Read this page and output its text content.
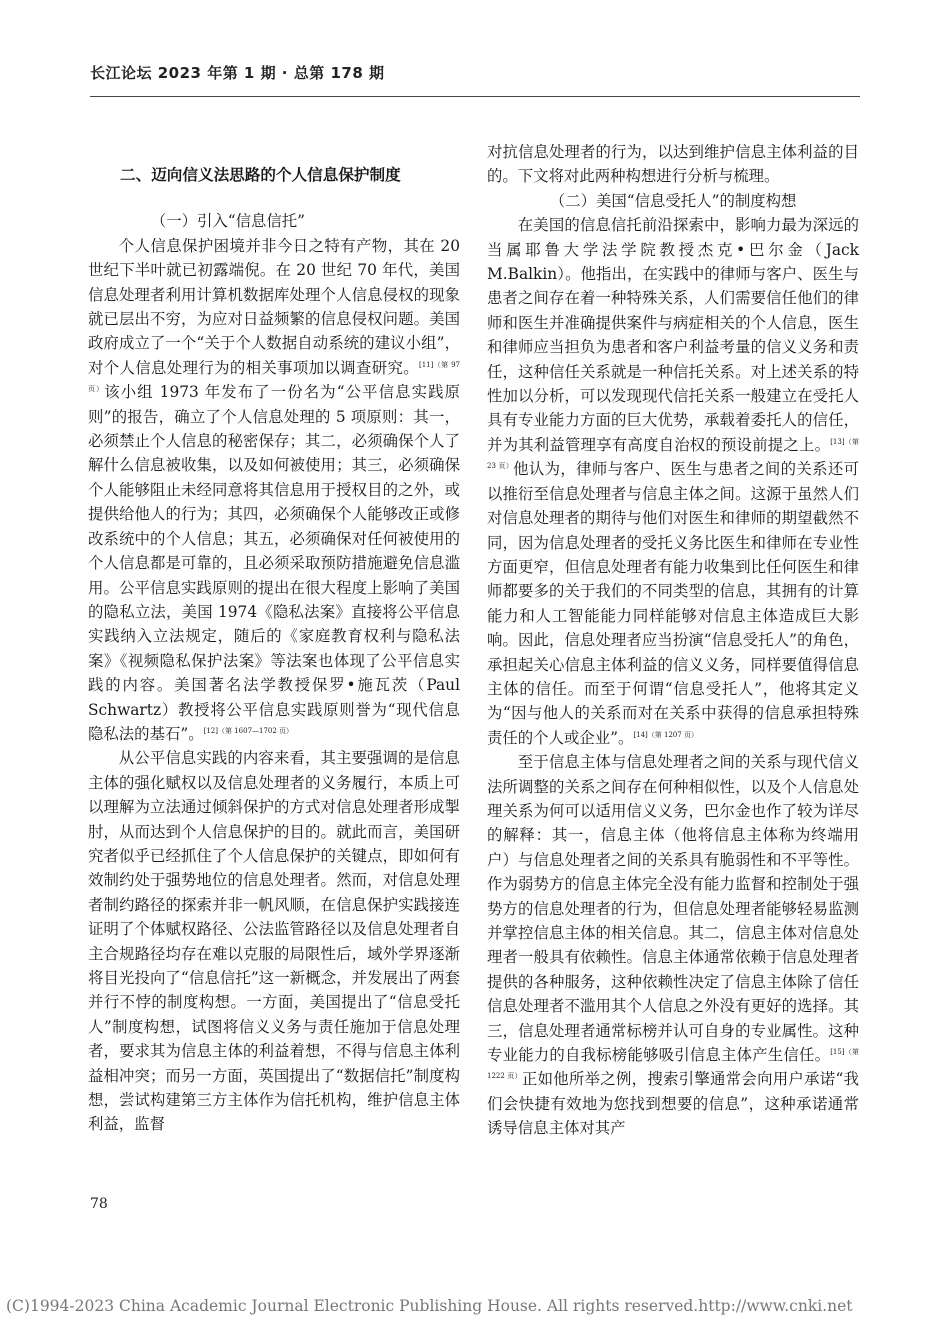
长江论坛 2023 年第 1 期 · 总第 178 期
二、迈向信义法思路的个人信息保护制度

（一）引入“信息信托”

个人信息保护困境并非今日之特有产物，其在 20 世纪下半叶就已初露端倪。在 20 世纪 70 年代，美国信息处理者利用计算机数据库处理个人信息侵权的现象就已层出不穷，为应对日益频繁的信息侵权问题。美国政府成立了一个“关于个人数据自动系统的建议小组”，对个人信息处理行为的相关事项加以调查研究。$^{[11](第 97 页)}$该小组 1973 年发布了一份名为“公平信息实践原则”的报告，确立了个人信息处理的 5 项原则：其一，必须禁止个人信息的秘密保存；其二，必须确保个人了解什么信息被收集，以及如何被使用；其三，必须确保个人能够阻止未经同意将其信息用于授权目的之外，或提供给他人的行为；其四，必须确保个人能够改正或修改系统中的个人信息；其五，必须确保对任何被使用的个人信息都是可靠的，且必须采取预防措施避免信息滥用。公平信息实践原则的提出在很大程度上影响了美国的隐私立法，美国 1974《隐私法案》直接将公平信息实践纳入立法规定，随后的《家庭教育权利与隐私法案》《视频隐私保护法案》等法案也体现了公平信息实践的内容。美国著名法学教授保罗•施瓦茨（Paul Schwartz）教授将公平信息实践原则誉为“现代信息隐私法的基石”。$^{[12](第 1607—1702 页)}$

从公平信息实践的内容来看，其主要强调的是信息主体的强化赋权以及信息处理者的义务履行，本质上可以理解为立法通过倾斜保护的方式对信息处理者形成掣肘，从而达到个人信息保护的目的。就此而言，美国研究者似乎已经抓住了个人信息保护的关键点，即如何有效制约处于强势地位的信息处理者。然而，对信息处理者制约路径的探索并非一帆风顺，在信息保护实践接连证明了个体赋权路径、公法监管路径以及信息处理者自主合规路径均存在难以克服的局限性后，域外学界逐渐将目光投向了“信息信托”这一新概念，并发展出了两套并行不悖的制度构想。一方面，美国提出了“信息受托人”制度构想，试图将信义义务与责任施加于信息处理者，要求其为信息主体的利益着想，不得与信息主体利益相冲突；而另一方面，英国提出了“数据信托”制度构想，尝试构建第三方主体作为信托机构，维护信息主体利益，监督

对抗信息处理者的行为，以达到维护信息主体利益的目的。下文将对此两种构想进行分析与梳理。

（二）美国“信息受托人”的制度构想

在美国的信息信托前沿探索中，影响力最为深远的当属耶鲁大学法学院教授杰克•巴尔金（Jack M.Balkin）。他指出，在实践中的律师与客户、医生与患者之间存在着一种特殊关系，人们需要信任他们的律师和医生并准确提供案件与病症相关的个人信息，医生和律师应当担负为患者和客户利益考量的信义义务和责任，这种信任关系就是一种信托关系。对上述关系的特性加以分析，可以发现现代信托关系一般建立在受托人具有专业能力方面的巨大优势，承载着委托人的信任，并为其利益管理享有高度自治权的预设前提之上。$^{[13](第 23 页)}$他认为，律师与客户、医生与患者之间的关系还可以推衍至信息处理者与信息主体之间。这源于虽然人们对信息处理者的期待与他们对医生和律师的期望截然不同，因为信息处理者的受托义务比医生和律师在专业性方面更窄，但信息处理者有能力收集到比任何医生和律师都要多的关于我们的不同类型的信息，其拥有的计算能力和人工智能能力同样能够对信息主体造成巨大影响。因此，信息处理者应当扮演“信息受托人”的角色，承担起关心信息主体利益的信义义务，同样要值得信息主体的信任。而至于何谓“信息受托人”，他将其定义为“因与他人的关系而对在关系中获得的信息承担特殊责任的个人或企业”。$^{[14](第 1207 页)}$

至于信息主体与信息处理者之间的关系与现代信义法所调整的关系之间存在何种相似性，以及个人信息处理关系为何可以适用信义义务，巴尔金也作了较为详尽的解释：其一，信息主体（他将信息主体称为终端用户）与信息处理者之间的关系具有脆弱性和不平等性。作为弱势方的信息主体完全没有能力监督和控制处于强势方的信息处理者的行为，但信息处理者能够轻易监测并掌控信息主体的相关信息。其二，信息主体对信息处理者一般具有依赖性。信息主体通常依赖于信息处理者提供的各种服务，这种依赖性决定了信息主体除了信任信息处理者不滥用其个人信息之外没有更好的选择。其三，信息处理者通常标榜并认可自身的专业属性。这种专业能力的自我标榜能够吸引信息主体产生信任。$^{[15](第 1222 页)}$正如他所举之例，搜索引擎通常会向用户承诺“我们会快捷有效地为您找到想要的信息”，这种承诺通常诱导信息主体对其产

78
(C)1994-2023 China Academic Journal Electronic Publishing House. All rights reserved. http://www.cnki.net
